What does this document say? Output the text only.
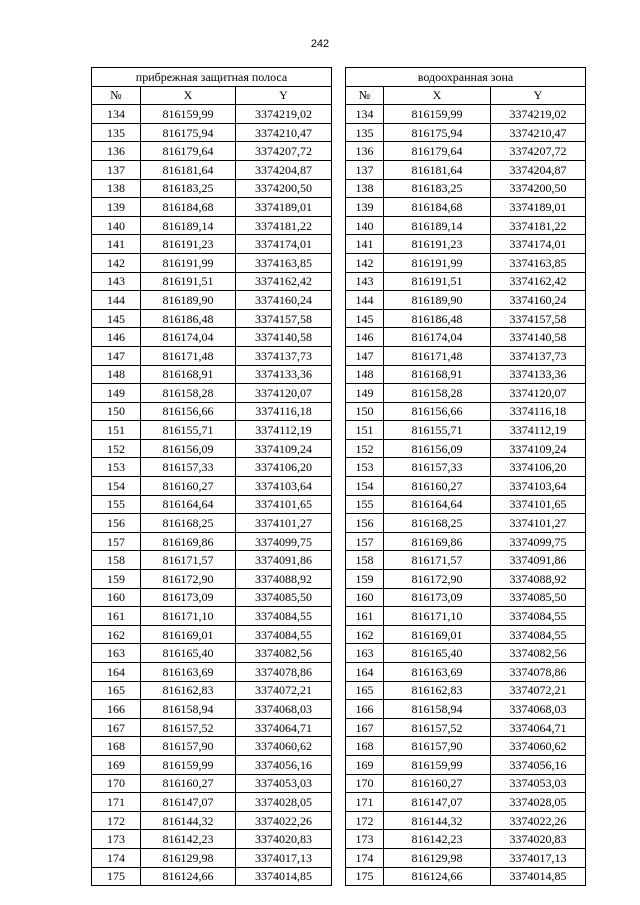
242
прибрежная защитная полоса				водоохранная зона		
№	X	Y		№	X	Y
134	816159,99	3374219,02		134	816159,99	3374219,02
135	816175,94	3374210,47		135	816175,94	3374210,47
136	816179,64	3374207,72		136	816179,64	3374207,72
137	816181,64	3374204,87		137	816181,64	3374204,87
138	816183,25	3374200,50		138	816183,25	3374200,50
139	816184,68	3374189,01		139	816184,68	3374189,01
140	816189,14	3374181,22		140	816189,14	3374181,22
141	816191,23	3374174,01		141	816191,23	3374174,01
142	816191,99	3374163,85		142	816191,99	3374163,85
143	816191,51	3374162,42		143	816191,51	3374162,42
144	816189,90	3374160,24		144	816189,90	3374160,24
145	816186,48	3374157,58		145	816186,48	3374157,58
146	816174,04	3374140,58		146	816174,04	3374140,58
147	816171,48	3374137,73		147	816171,48	3374137,73
148	816168,91	3374133,36		148	816168,91	3374133,36
149	816158,28	3374120,07		149	816158,28	3374120,07
150	816156,66	3374116,18		150	816156,66	3374116,18
151	816155,71	3374112,19		151	816155,71	3374112,19
152	816156,09	3374109,24		152	816156,09	3374109,24
153	816157,33	3374106,20		153	816157,33	3374106,20
154	816160,27	3374103,64		154	816160,27	3374103,64
155	816164,64	3374101,65		155	816164,64	3374101,65
156	816168,25	3374101,27		156	816168,25	3374101,27
157	816169,86	3374099,75		157	816169,86	3374099,75
158	816171,57	3374091,86		158	816171,57	3374091,86
159	816172,90	3374088,92		159	816172,90	3374088,92
160	816173,09	3374085,50		160	816173,09	3374085,50
161	816171,10	3374084,55		161	816171,10	3374084,55
162	816169,01	3374084,55		162	816169,01	3374084,55
163	816165,40	3374082,56		163	816165,40	3374082,56
164	816163,69	3374078,86		164	816163,69	3374078,86
165	816162,83	3374072,21		165	816162,83	3374072,21
166	816158,94	3374068,03		166	816158,94	3374068,03
167	816157,52	3374064,71		167	816157,52	3374064,71
168	816157,90	3374060,62		168	816157,90	3374060,62
169	816159,99	3374056,16		169	816159,99	3374056,16
170	816160,27	3374053,03		170	816160,27	3374053,03
171	816147,07	3374028,05		171	816147,07	3374028,05
172	816144,32	3374022,26		172	816144,32	3374022,26
173	816142,23	3374020,83		173	816142,23	3374020,83
174	816129,98	3374017,13		174	816129,98	3374017,13
175	816124,66	3374014,85		175	816124,66	3374014,85
